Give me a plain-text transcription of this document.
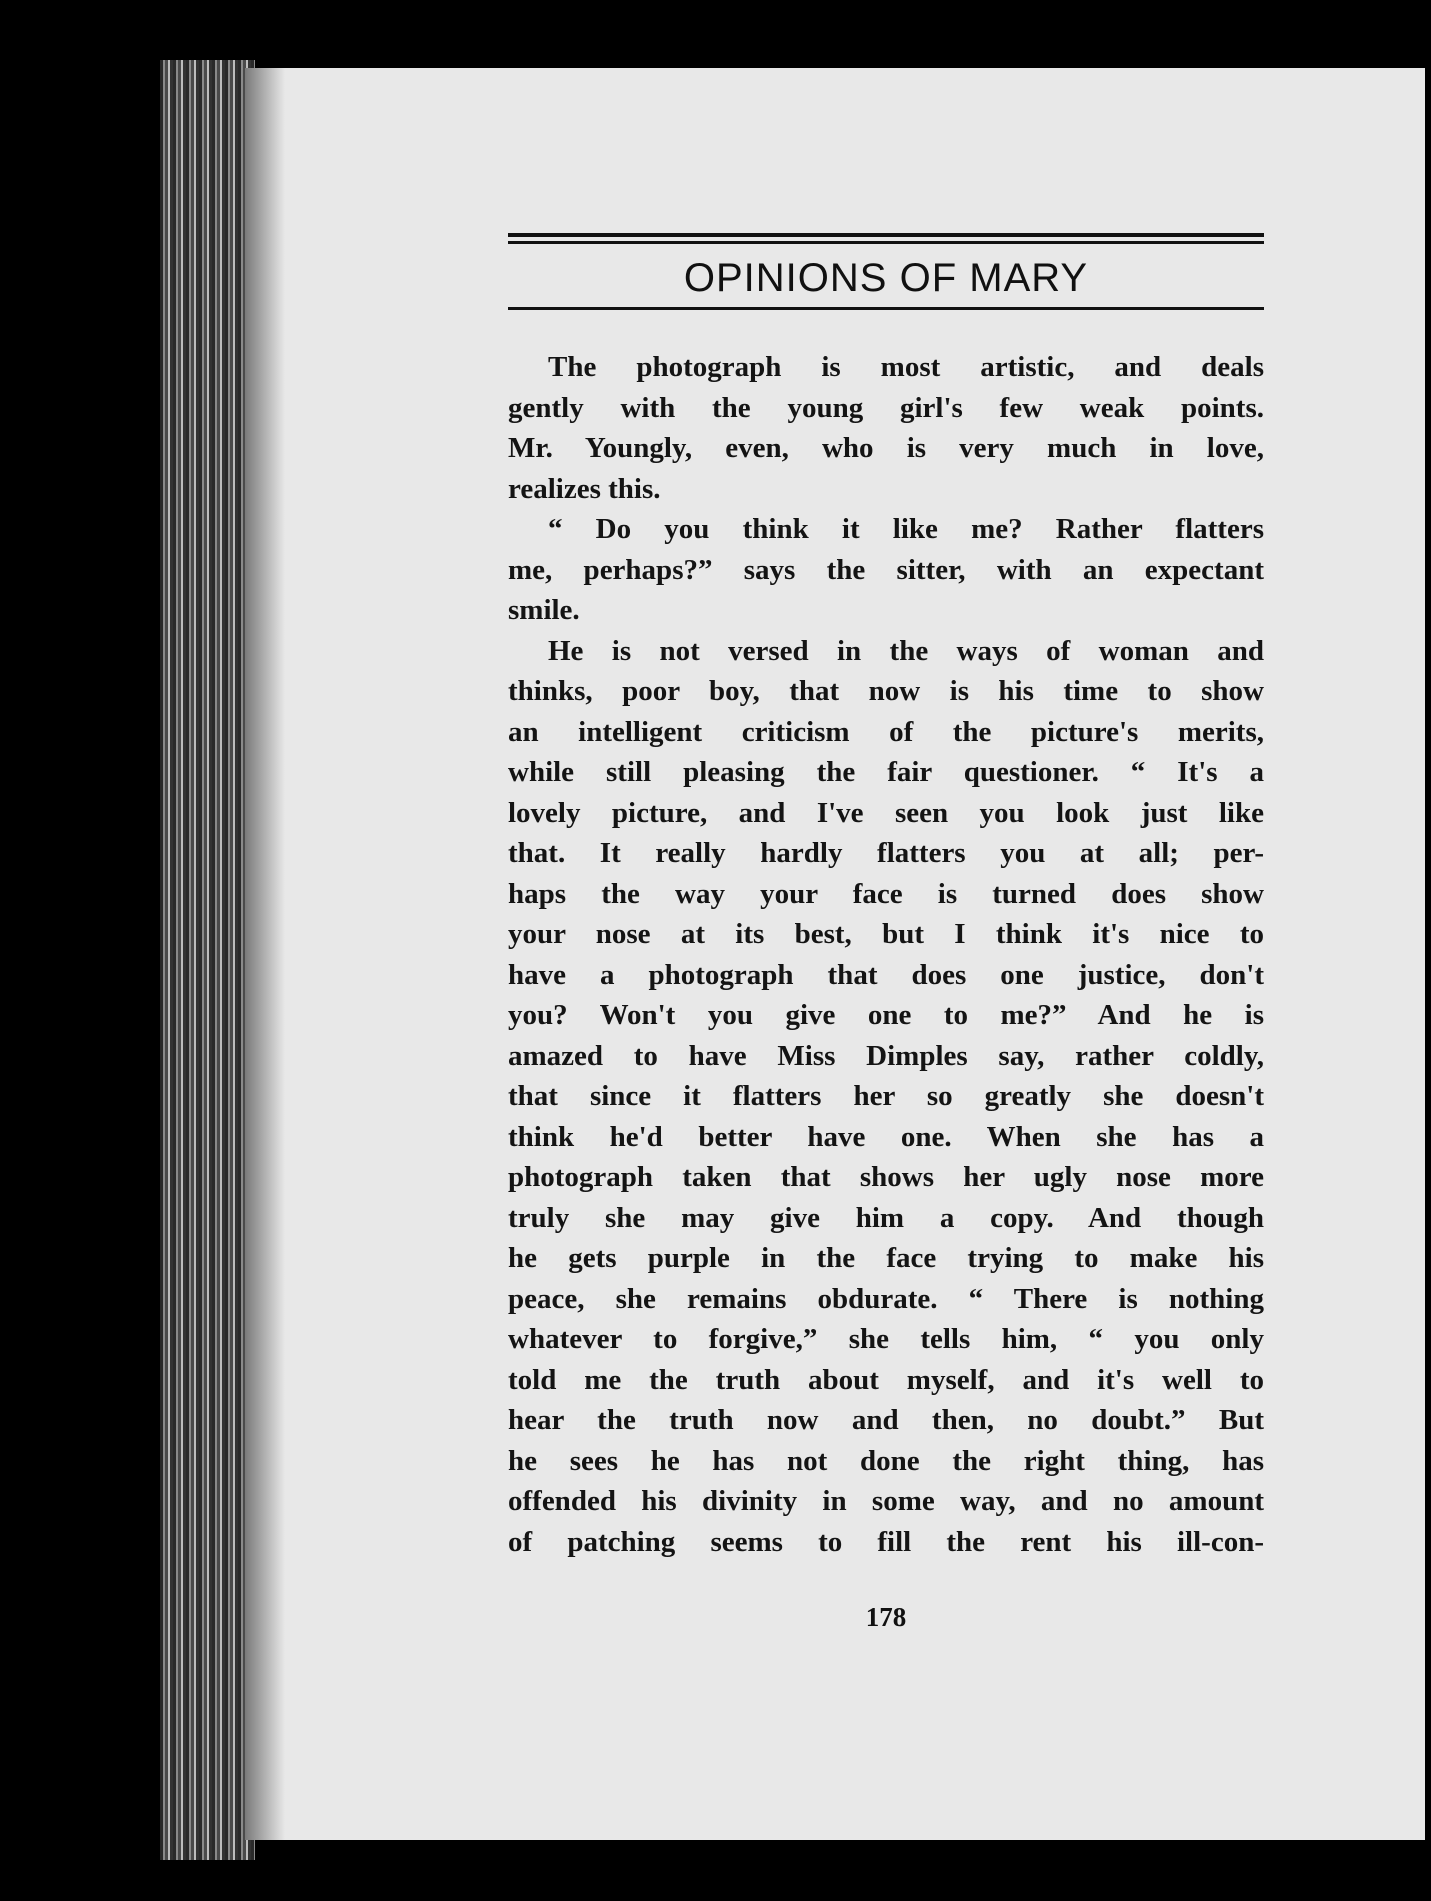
OPINIONS OF MARY
The photograph is most artistic, and deals
gently with the young girl's few weak points.
Mr. Youngly, even, who is very much in love,
realizes this.
“ Do you think it like me? Rather flatters
me, perhaps?” says the sitter, with an expectant
smile.
He is not versed in the ways of woman and
thinks, poor boy, that now is his time to show
an intelligent criticism of the picture's merits,
while still pleasing the fair questioner. “ It's a
lovely picture, and I've seen you look just like
that. It really hardly flatters you at all; per-
haps the way your face is turned does show
your nose at its best, but I think it's nice to
have a photograph that does one justice, don't
you? Won't you give one to me?” And he is
amazed to have Miss Dimples say, rather coldly,
that since it flatters her so greatly she doesn't
think he'd better have one. When she has a
photograph taken that shows her ugly nose more
truly she may give him a copy. And though
he gets purple in the face trying to make his
peace, she remains obdurate. “ There is nothing
whatever to forgive,” she tells him, “ you only
told me the truth about myself, and it's well to
hear the truth now and then, no doubt.” But
he sees he has not done the right thing, has
offended his divinity in some way, and no amount
of patching seems to fill the rent his ill-con-
178
